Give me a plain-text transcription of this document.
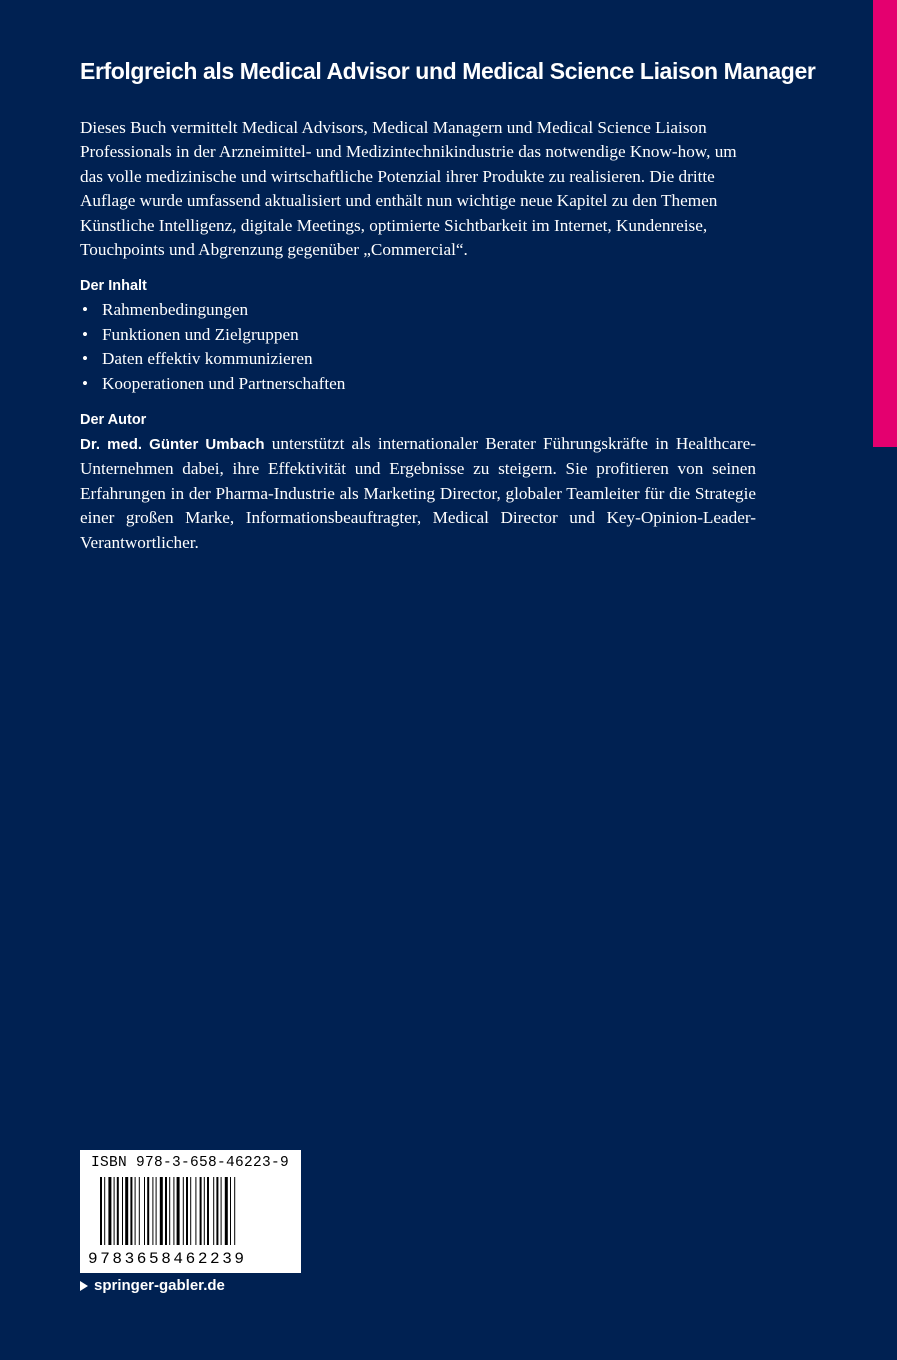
Erfolgreich als Medical Advisor und Medical Science Liaison Manager

Dieses Buch vermittelt Medical Advisors, Medical Managern und Medical Science Liaison Professionals in der Arzneimittel- und Medizintechnikindustrie das notwendige Know-how, um das volle medizinische und wirtschaftliche Potenzial ihrer Produkte zu realisieren. Die dritte Auflage wurde umfassend aktualisiert und enthält nun wichtige neue Kapitel zu den Themen Künstliche Intelligenz, digitale Meetings, optimierte Sichtbarkeit im Internet, Kundenreise, Touchpoints und Abgrenzung gegenüber „Commercial“.

Der Inhalt
• Rahmenbedingungen
• Funktionen und Zielgruppen
• Daten effektiv kommunizieren
• Kooperationen und Partnerschaften
Der Autor

Dr. med. Günter Umbach unterstützt als internationaler Berater Führungskräfte in Healthcare-Unternehmen dabei, ihre Effektivität und Ergebnisse zu steigern. Sie profitieren von seinen Erfahrungen in der Pharma-Industrie als Marketing Director, globaler Teamleiter für die Strategie einer großen Marke, Informationsbeauftragter, Medical Director und Key-Opinion-Leader-Verantwortlicher.

ISBN 978-3-658-46223-9
9783658462239
springer-gabler.de
